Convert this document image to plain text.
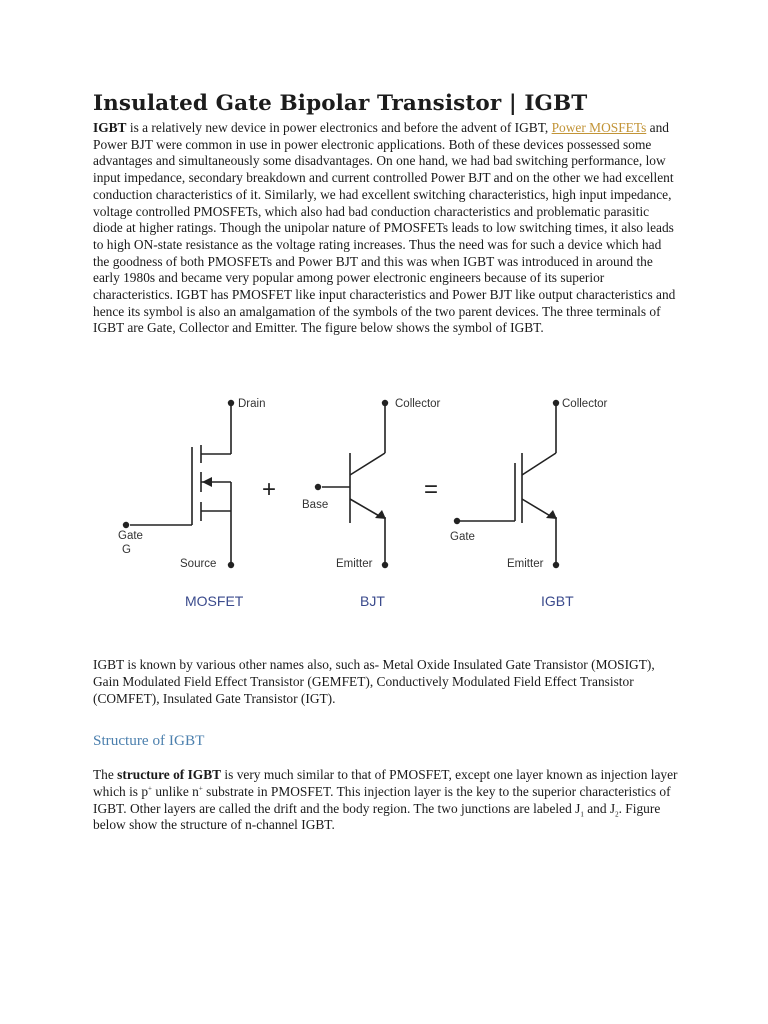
Insulated Gate Bipolar Transistor | IGBT

IGBT is a relatively new device in power electronics and before the advent of IGBT, Power MOSFETs and Power BJT were common in use in power electronic applications. Both of these devices possessed some advantages and simultaneously some disadvantages. On one hand, we had bad switching performance, low input impedance, secondary breakdown and current controlled Power BJT and on the other we had excellent conduction characteristics of it. Similarly, we had excellent switching characteristics, high input impedance, voltage controlled PMOSFETs, which also had bad conduction characteristics and problematic parasitic diode at higher ratings. Though the unipolar nature of PMOSFETs leads to low switching times, it also leads to high ON-state resistance as the voltage rating increases. Thus the need was for such a device which had the goodness of both PMOSFETs and Power BJT and this was when IGBT was introduced in around the early 1980s and became very popular among power electronic engineers because of its superior characteristics. IGBT has PMOSFET like input characteristics and Power BJT like output characteristics and hence its symbol is also an amalgamation of the symbols of the two parent devices. The three terminals of IGBT are Gate, Collector and Emitter. The figure below shows the symbol of IGBT.

Drain
Gate
G
Source
Collector
Base
Emitter
Collector
Gate
Emitter
+	=
MOSFET	BJT	IGBT

IGBT is known by various other names also, such as- Metal Oxide Insulated Gate Transistor (MOSIGT), Gain Modulated Field Effect Transistor (GEMFET), Conductively Modulated Field Effect Transistor (COMFET), Insulated Gate Transistor (IGT).

Structure of IGBT

The structure of IGBT is very much similar to that of PMOSFET, except one layer known as injection layer which is p+ unlike n+ substrate in PMOSFET. This injection layer is the key to the superior characteristics of IGBT. Other layers are called the drift and the body region. The two junctions are labeled $J_1$ and $J_2$. Figure below show the structure of n-channel IGBT.
